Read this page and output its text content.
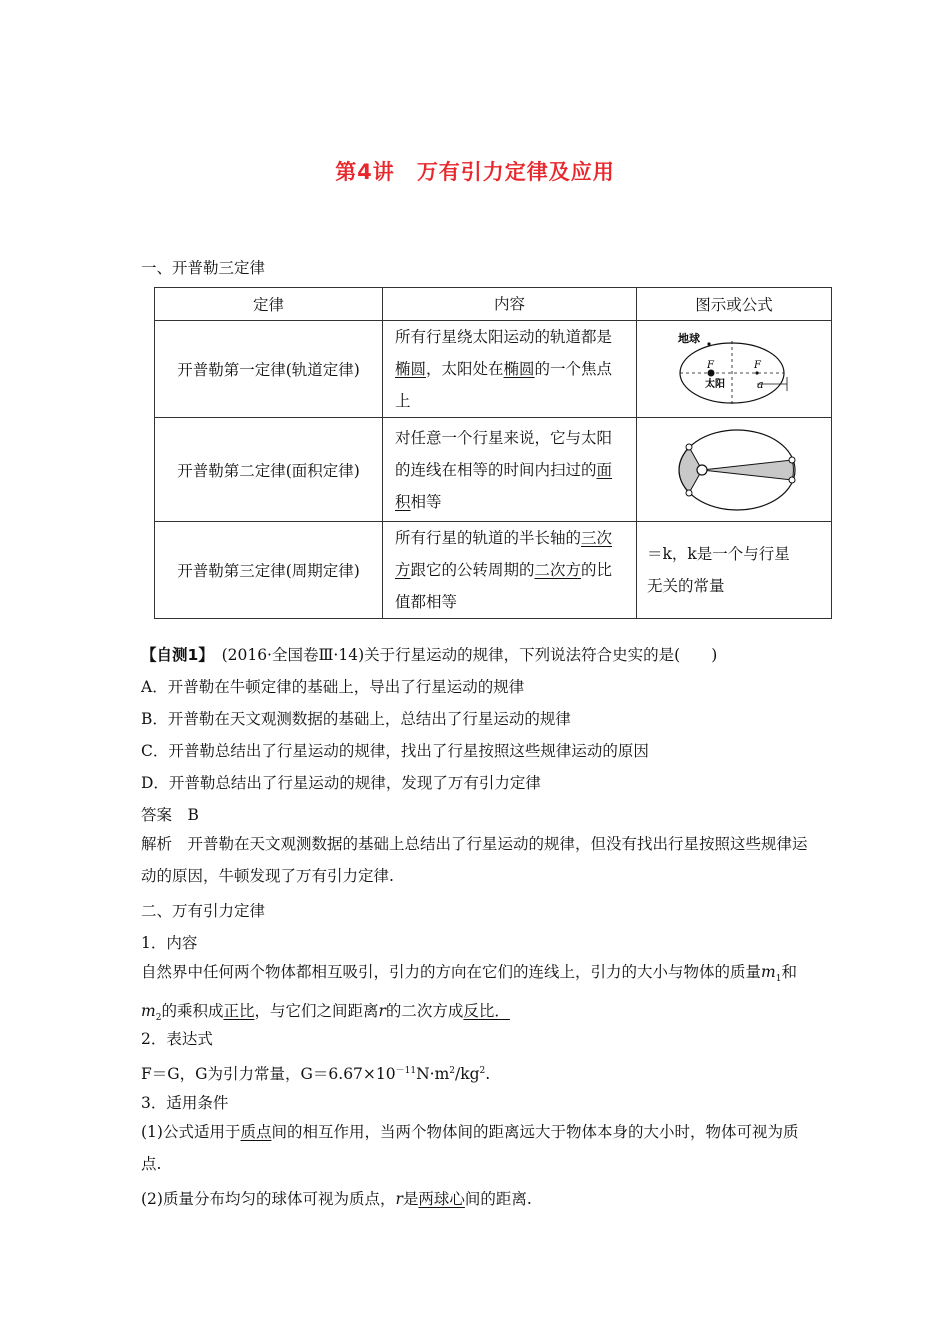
第4讲 万有引力定律及应用
一、开普勒三定律
定律	内容	图示或公式
开普勒第一定律(轨道定律)	所有行星绕太阳运动的轨道都是椭圆，太阳处在椭圆的一个焦点上	地球
F F
太阳 a

开普勒第二定律(面积定律)	对任意一个行星来说，它与太阳的连线在相等的时间内扫过的面积相等	

开普勒第三定律(周期定律)	所有行星的轨道的半长轴的三次方跟它的公转周期的二次方的比值都相等	＝k，k是一个与行星
无关的常量
【自测1】　 (2016·全国卷Ⅲ·14)关于行星运动的规律，下列说法符合史实的是(　　)
A．开普勒在牛顿定律的基础上，导出了行星运动的规律
B．开普勒在天文观测数据的基础上，总结出了行星运动的规律
C．开普勒总结出了行星运动的规律，找出了行星按照这些规律运动的原因
D．开普勒总结出了行星运动的规律，发现了万有引力定律
答案　B
解析　开普勒在天文观测数据的基础上总结出了行星运动的规律，但没有找出行星按照这些规律运动的原因，牛顿发现了万有引力定律.
二、万有引力定律
1．内容
自然界中任何两个物体都相互吸引，引力的方向在它们的连线上，引力的大小与物体的质量$m_1$和$m_2$的乘积成正比，与它们之间距离r的二次方成反比．
2．表达式
F＝G，G为引力常量，$G=6.67\times 10^{-11}N\cdot m^2/kg^2$.
3．适用条件
(1)公式适用于质点间的相互作用，当两个物体间的距离远大于物体本身的大小时，物体可视为质点.
(2)质量分布均匀的球体可视为质点，r是两球心间的距离.
